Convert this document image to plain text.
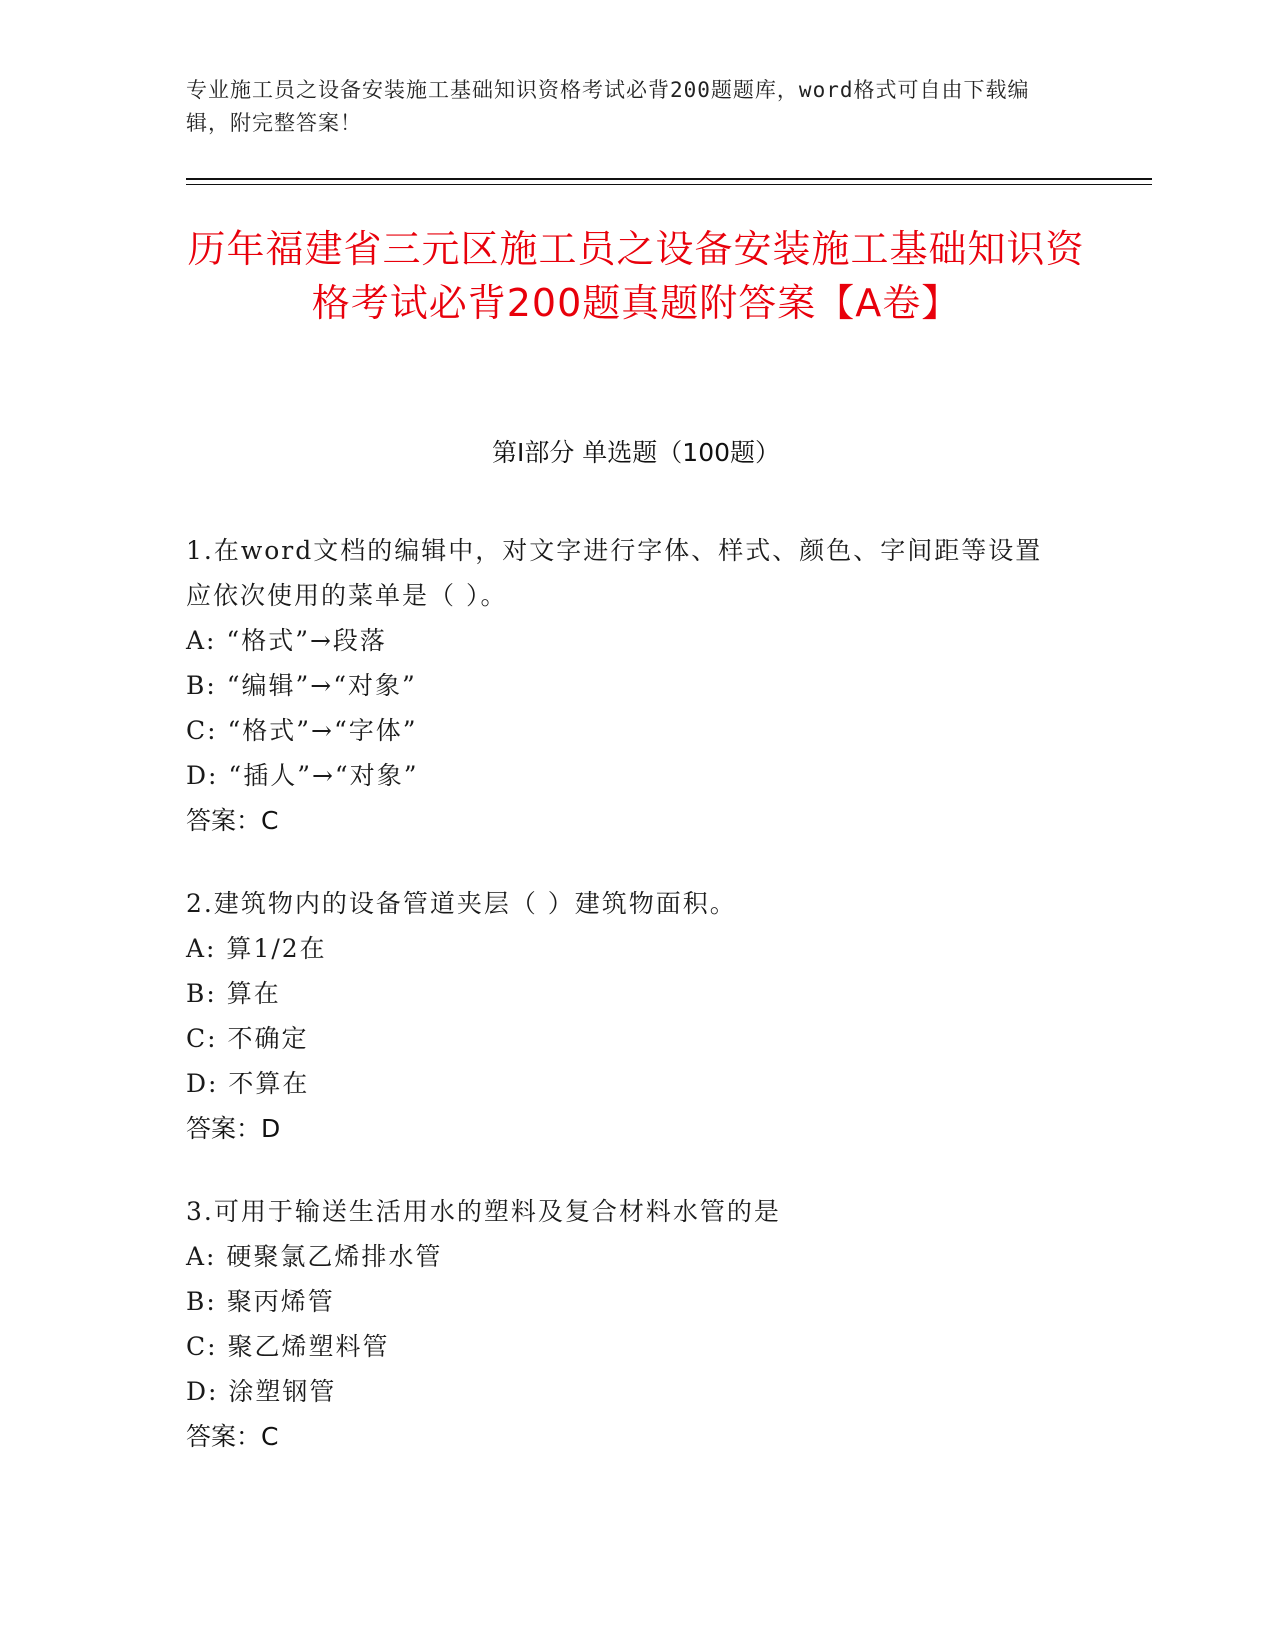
专业施工员之设备安装施工基础知识资格考试必背200题题库，word格式可自由下载编辑，附完整答案！
历年福建省三元区施工员之设备安装施工基础知识资格考试必背200题真题附答案【A卷】
第I部分 单选题（100题）
1.在word文档的编辑中，对文字进行字体、样式、颜色、字间距等设置应依次使用的菜单是（ ）。
A: “格式”→段落
B: “编辑”→“对象”
C: “格式”→“字体”
D: “插人”→“对象”
答案：C
2.建筑物内的设备管道夹层（ ）建筑物面积。
A: 算1/2在
B: 算在
C: 不确定
D: 不算在
答案：D
3.可用于输送生活用水的塑料及复合材料水管的是
A: 硬聚氯乙烯排水管
B: 聚丙烯管
C: 聚乙烯塑料管
D: 涂塑钢管
答案：C
